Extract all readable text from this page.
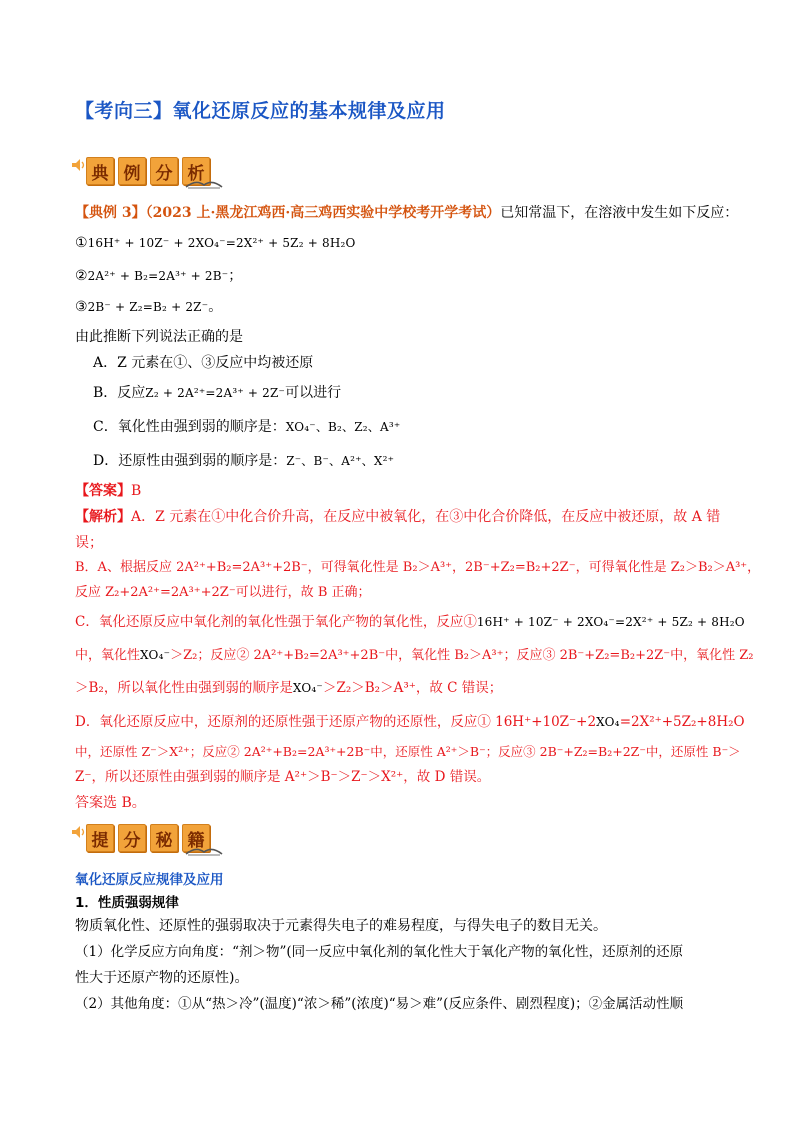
【考向三】氧化还原反应的基本规律及应用
典 例 分 析
【典例 3】（2023 上·黑龙江鸡西·高三鸡西实验中学校考开学考试）已知常温下，在溶液中发生如下反应：
①16H⁺ + 10Z⁻ + 2XO₄⁻=2X²⁺ + 5Z₂ + 8H₂O
②2A²⁺ + B₂=2A³⁺ + 2B⁻；
③2B⁻ + Z₂=B₂ + 2Z⁻。
由此推断下列说法正确的是
A．Z 元素在①、③反应中均被还原
B．反应Z₂ + 2A²⁺=2A³⁺ + 2Z⁻可以进行
C．氧化性由强到弱的顺序是：XO₄⁻、B₂、Z₂、A³⁺
D．还原性由强到弱的顺序是：Z⁻、B⁻、A²⁺、X²⁺
【答案】B
【解析】A．Z 元素在①中化合价升高，在反应中被氧化，在③中化合价降低，在反应中被还原，故 A 错
误；
B．A、根据反应 2A²⁺+B₂=2A³⁺+2B⁻，可得氧化性是 B₂＞A³⁺，2B⁻+Z₂=B₂+2Z⁻，可得氧化性是 Z₂＞B₂＞A³⁺，
反应 Z₂+2A²⁺=2A³⁺+2Z⁻可以进行，故 B 正确；
C．氧化还原反应中氧化剂的氧化性强于氧化产物的氧化性，反应①16H⁺ + 10Z⁻ + 2XO₄⁻=2X²⁺ + 5Z₂ + 8H₂O
中，氧化性XO₄⁻＞Z₂；反应② 2A²⁺+B₂=2A³⁺+2B⁻中，氧化性 B₂＞A³⁺；反应③ 2B⁻+Z₂=B₂+2Z⁻中，氧化性 Z₂
＞B₂，所以氧化性由强到弱的顺序是XO₄⁻＞Z₂＞B₂＞A³⁺，故 C 错误；
D．氧化还原反应中，还原剂的还原性强于还原产物的还原性，反应① 16H⁺+10Z⁻+2XO₄=2X²⁺+5Z₂+8H₂O
中，还原性 Z⁻＞X²⁺；反应② 2A²⁺+B₂=2A³⁺+2B⁻中，还原性 A²⁺＞B⁻；反应③ 2B⁻+Z₂=B₂+2Z⁻中，还原性 B⁻＞
Z⁻，所以还原性由强到弱的顺序是 A²⁺＞B⁻＞Z⁻＞X²⁺，故 D 错误。
答案选 B。
提 分 秘 籍
氧化还原反应规律及应用
1．性质强弱规律
物质氧化性、还原性的强弱取决于元素得失电子的难易程度，与得失电子的数目无关。
（1）化学反应方向角度：“剂＞物”(同一反应中氧化剂的氧化性大于氧化产物的氧化性，还原剂的还原
性大于还原产物的还原性)。
（2）其他角度：①从“热＞冷”(温度)“浓＞稀”(浓度)“易＞难”(反应条件、剧烈程度)；②金属活动性顺
